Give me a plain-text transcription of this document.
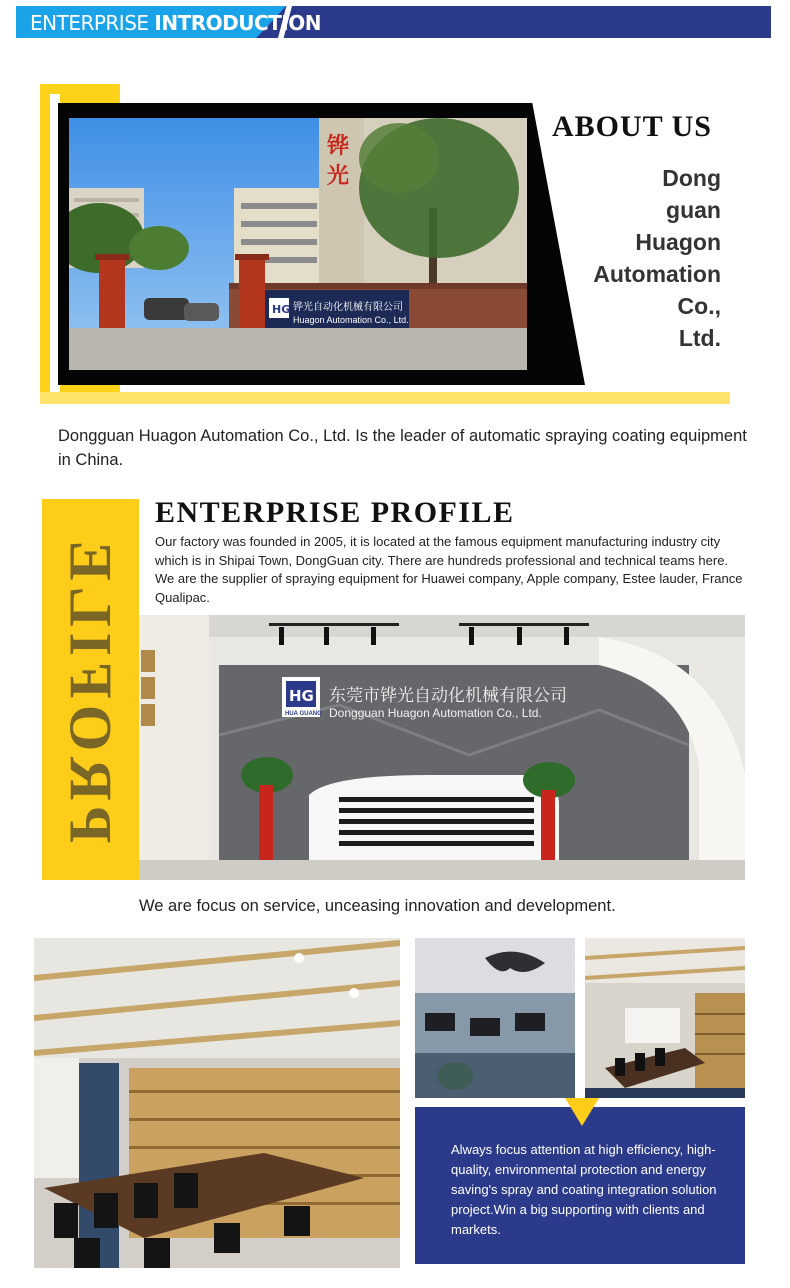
ENTERPRISE INTRODUCTION
铧
光
HG 铧光自动化机械有限公司
Huagon Automation Co., Ltd.
ABOUT US
Dong
guan
Huagon
Automation
Co.,
Ltd.
Dongguan Huagon Automation Co., Ltd. Is the leader of automatic spraying coating equipment in China.
PROFILE
ENTERPRISE PROFILE
Our factory was founded in 2005, it is located at the famous equipment manufacturing industry city which is in Shipai Town, DongGuan city. There are hundreds professional and technical teams here. We are the supplier of spraying equipment for Huawei company, Apple company, Estee lauder, France Qualipac.
HG
HUA GUANG
东莞市铧光自动化机械有限公司
Dongguan Huagon Automation Co., Ltd.
We are focus on service, unceasing innovation and development.
Always focus attention at high efficiency, high-quality, environmental protection and energy saving's spray and coating integration solution project.Win a big supporting with clients and markets.
